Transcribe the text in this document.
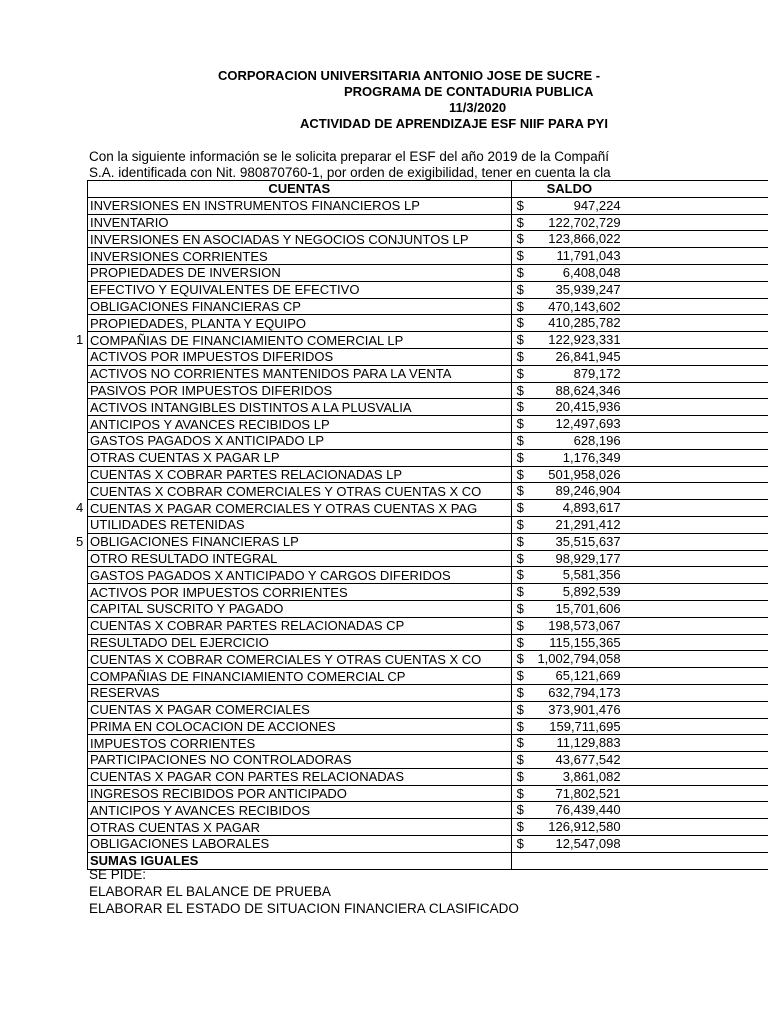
CORPORACION UNIVERSITARIA ANTONIO JOSE DE SUCRE -
PROGRAMA DE CONTADURIA PUBLICA
11/3/2020
ACTIVIDAD DE APRENDIZAJE ESF NIIF PARA PYI
Con la siguiente información se le solicita preparar el ESF del año 2019 de la Compañí
S.A. identificada con Nit. 980870760-1, por orden de exigibilidad, tener en cuenta la cla
CUENTAS	SALDO
INVERSIONES EN INSTRUMENTOS FINANCIEROS LP	$ 947,224

INVENTARIO	$ 122,702,729

INVERSIONES EN ASOCIADAS Y NEGOCIOS CONJUNTOS LP	$ 123,866,022

INVERSIONES CORRIENTES	$ 11,791,043

PROPIEDADES DE INVERSION	$ 6,408,048

EFECTIVO Y EQUIVALENTES DE EFECTIVO	$ 35,939,247

OBLIGACIONES FINANCIERAS CP	$ 470,143,602

PROPIEDADES, PLANTA Y EQUIPO	$ 410,285,782

COMPAÑIAS DE FINANCIAMIENTO COMERCIAL LP	$ 122,923,331

ACTIVOS POR IMPUESTOS DIFERIDOS	$ 26,841,945

ACTIVOS NO CORRIENTES MANTENIDOS PARA LA VENTA	$ 879,172

PASIVOS POR IMPUESTOS DIFERIDOS	$ 88,624,346

ACTIVOS INTANGIBLES DISTINTOS A LA PLUSVALIA	$ 20,415,936

ANTICIPOS Y AVANCES RECIBIDOS LP	$ 12,497,693

GASTOS PAGADOS X ANTICIPADO LP	$ 628,196

OTRAS CUENTAS X PAGAR LP	$ 1,176,349

CUENTAS X COBRAR PARTES RELACIONADAS LP	$ 501,958,026

CUENTAS X COBRAR COMERCIALES Y OTRAS CUENTAS X CO	$ 89,246,904

CUENTAS X PAGAR COMERCIALES Y OTRAS CUENTAS X PAG	$ 4,893,617

UTILIDADES RETENIDAS	$ 21,291,412

OBLIGACIONES FINANCIERAS LP	$ 35,515,637

OTRO RESULTADO INTEGRAL	$ 98,929,177

GASTOS PAGADOS X ANTICIPADO Y CARGOS DIFERIDOS	$ 5,581,356

ACTIVOS POR IMPUESTOS CORRIENTES	$ 5,892,539

CAPITAL SUSCRITO Y PAGADO	$ 15,701,606

CUENTAS X COBRAR PARTES RELACIONADAS CP	$ 198,573,067

RESULTADO DEL EJERCICIO	$ 115,155,365

CUENTAS X COBRAR COMERCIALES Y OTRAS CUENTAS X CO	$ 1,002,794,058

COMPAÑIAS DE FINANCIAMIENTO COMERCIAL CP	$ 65,121,669

RESERVAS	$ 632,794,173

CUENTAS X PAGAR COMERCIALES	$ 373,901,476

PRIMA EN COLOCACION DE ACCIONES	$ 159,711,695

IMPUESTOS CORRIENTES	$ 11,129,883

PARTICIPACIONES NO CONTROLADORAS	$ 43,677,542

CUENTAS X PAGAR CON PARTES RELACIONADAS	$ 3,861,082

INGRESOS RECIBIDOS POR ANTICIPADO	$ 71,802,521

ANTICIPOS Y AVANCES RECIBIDOS	$ 76,439,440

OTRAS CUENTAS X PAGAR	$ 126,912,580

OBLIGACIONES LABORALES	$ 12,547,098

SUMAS IGUALES	
1
4
5
SE PIDE:
ELABORAR EL BALANCE DE PRUEBA
ELABORAR EL ESTADO DE SITUACION FINANCIERA CLASIFICADO
